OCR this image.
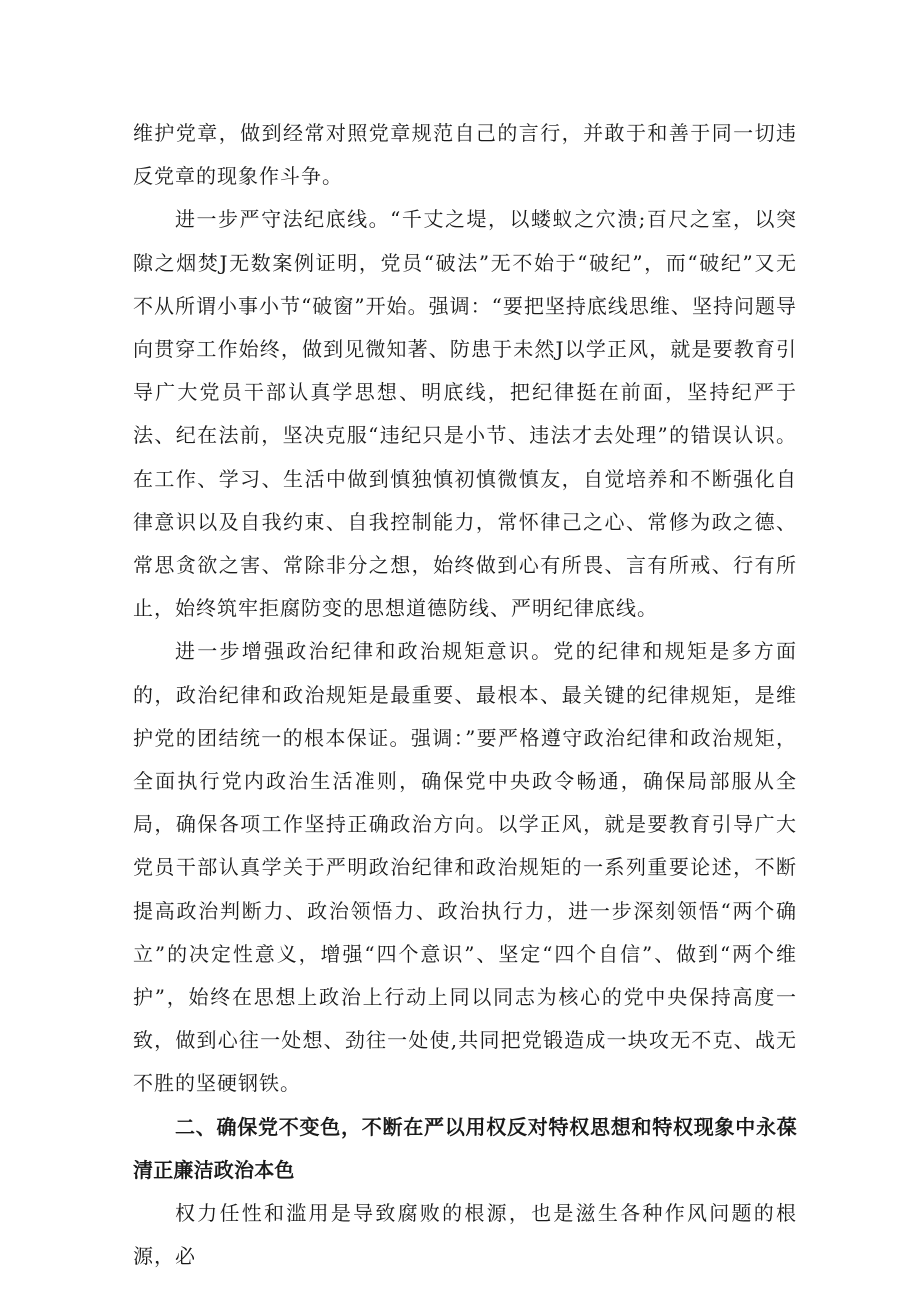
维护党章，做到经常对照党章规范自己的言行，并敢于和善于同一切违反党章的现象作斗争。

进一步严守法纪底线。“千丈之堤，以蝼蚁之穴溃;百尺之室，以突隙之烟焚J无数案例证明，党员“破法”无不始于“破纪”，而“破纪”又无不从所谓小事小节“破窗”开始。强调：“要把坚持底线思维、坚持问题导向贯穿工作始终，做到见微知著、防患于未然J以学正风，就是要教育引导广大党员干部认真学思想、明底线，把纪律挺在前面，坚持纪严于法、纪在法前，坚决克服“违纪只是小节、违法才去处理”的错误认识。在工作、学习、生活中做到慎独慎初慎微慎友，自觉培养和不断强化自律意识以及自我约束、自我控制能力，常怀律己之心、常修为政之德、常思贪欲之害、常除非分之想，始终做到心有所畏、言有所戒、行有所止，始终筑牢拒腐防变的思想道德防线、严明纪律底线。

进一步增强政治纪律和政治规矩意识。党的纪律和规矩是多方面的，政治纪律和政治规矩是最重要、最根本、最关键的纪律规矩，是维护党的团结统一的根本保证。强调：”要严格遵守政治纪律和政治规矩，全面执行党内政治生活准则，确保党中央政令畅通，确保局部服从全局，确保各项工作坚持正确政治方向。以学正风，就是要教育引导广大党员干部认真学关于严明政治纪律和政治规矩的一系列重要论述，不断提高政治判断力、政治领悟力、政治执行力，进一步深刻领悟“两个确立”的决定性意义，增强“四个意识”、坚定“四个自信”、做到“两个维护”，始终在思想上政治上行动上同以同志为核心的党中央保持高度一致，做到心往一处想、劲往一处使,共同把党锻造成一块攻无不克、战无不胜的坚硬钢铁。

二、确保党不变色，不断在严以用权反对特权思想和特权现象中永葆清正廉洁政治本色

权力任性和滥用是导致腐败的根源，也是滋生各种作风问题的根源，必
